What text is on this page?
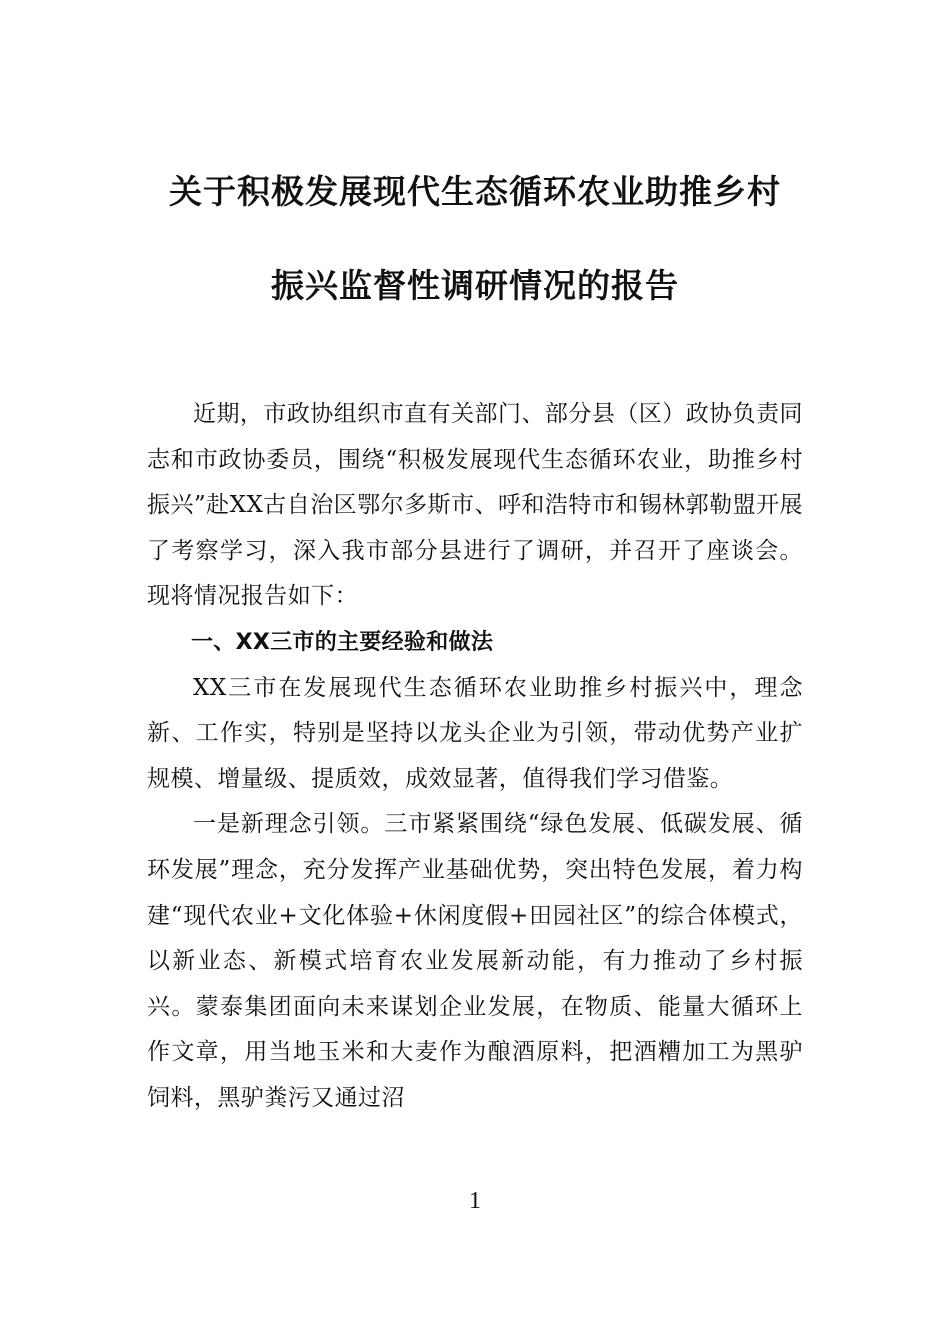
关于积极发展现代生态循环农业助推乡村
振兴监督性调研情况的报告

近期，市政协组织市直有关部门、部分县（区）政协负责同志和市政协委员，围绕“积极发展现代生态循环农业，助推乡村振兴”赴XX古自治区鄂尔多斯市、呼和浩特市和锡林郭勒盟开展了考察学习，深入我市部分县进行了调研，并召开了座谈会。现将情况报告如下：

一、XX三市的主要经验和做法

XX三市在发展现代生态循环农业助推乡村振兴中，理念新、工作实，特别是坚持以龙头企业为引领，带动优势产业扩规模、增量级、提质效，成效显著，值得我们学习借鉴。

一是新理念引领。三市紧紧围绕“绿色发展、低碳发展、循环发展”理念，充分发挥产业基础优势，突出特色发展，着力构建“现代农业+文化体验+休闲度假+田园社区”的综合体模式，以新业态、新模式培育农业发展新动能，有力推动了乡村振兴。蒙泰集团面向未来谋划企业发展，在物质、能量大循环上作文章，用当地玉米和大麦作为酿酒原料，把酒糟加工为黑驴饲料，黑驴粪污又通过沼

1
